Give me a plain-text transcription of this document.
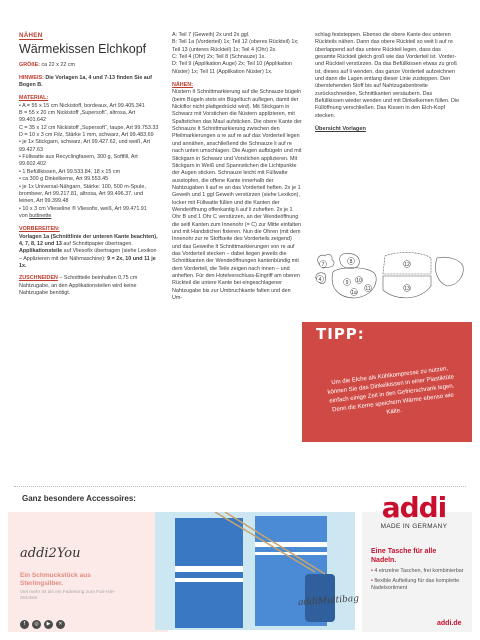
NÄHEN
Wärmekissen Elchkopf
GRÖßE: ca 22 x 22 cm
HINWEIS: Die Vorlagen 1a, 4 und 7-13 finden Sie auf Bogen B.
MATERIAL:

• A = 55 x 15 cm Nickistoff, bordeaux, Art 99.405.341

B = 55 x 20 cm Nickistoff „Supersoft“, altrosa, Art 99.401.642

C = 35 x 12 cm Nickistoff „Supersoft“, taupe, Art 99.753.33

D = 10 x 3 cm Filz, Stärke 1 mm, schwarz, Art 99.483.69

• je 1x Stickgarn, schwarz, Art 99.427.62, und weiß, Art 99.427.63

• Füllwatte aus Recyclingfasern, 300 g, Softfill, Art 99.602.402

• 1 Befüllkissen, Art 99.533.84, 18 x 15 cm

• ca 300 g Dinkelkerne, Art 99.553.45

• je 1x Universal-Nähgarn, Stärke: 100, 500 m-Spule, brombeer, Art 99.217.81, altrosa, Art 99.496.37, und leinen, Art 99.399.48

• 10 x 3 cm Vlieseline ® Vliesofix, weiß, Art 99.471.91

von buttinette

VORBEREITEN:
Vorlagen 1a (Schnittlinie der unteren Kante beachten), 4, 7, 8, 12 und 13 auf Schnittpapier übertragen.
Applikationsteile auf Vliesofix übertragen (siehe Lexikon – Applizieren mit der Nähmaschine): 9 = 2x, 10 und 11 je 1x.
ZUSCHNEIDEN – Schnittteile beinhalten 0,75 cm Nahtzugabe, an den Applikationsteilen wird keine Nahtzugabe benötigt.

A: Teil 7 (Geweih) 2x und 2x ggl.

B: Teil 1a (Vorderteil) 1x; Teil 12 (oberes Rückteil) 1x; Teil 13 (unteres Rückteil) 1x; Teil 4 (Ohr) 2x.

C: Teil 4 (Ohr) 2x; Teil 8 (Schnauze) 1x.

D: Teil 9 (Applikation Auge) 2x; Teil 10 (Applikation Nüster) 1x; Teil 11 (Applikation Nüster) 1x.

NÄHEN:

Nüstern It Schnittmarkierung auf die Schnauze bügeln (beim Bügeln stets ein Bügeltuch auflegen, damit der Nickiflor nicht plattgedrückt wird). Mit Stickgarn in Schwarz mit Vorstichen die Nüstern applizieren, mit Spaltstichen das Maul aufsticken. Die obere Kante der Schnauze It Schnittmarkierung zwischen den Pfeilmarkierungen a re auf re auf das Vorderteil legen und annähen, anschließend die Schnauze li auf re nach unten umschlagen. Die Augen aufbügeln und mit Stickgarn in Schwarz und Vorstichen applizieren. Mit Stickgarn in Weiß und Spannstichen die Lichtpunkte der Augen sticken. Schnauze leicht mit Füllwatte ausstopfen, die offene Kante innerhalb der Nahtzugaben li auf re an das Vorderteil heften. 2x je 1 Geweih und 1 ggl Geweih verstürzen (siehe Lexikon), locker mit Füllwatte füllen und die Kanten der Wendeöffnung offenkantig li auf li zuheften. 2x je 1 Ohr B und 1 Ohr C verstürzen, an der Wendeöffnung die seitl Kanten zum Innenohr (= C) zur Mitte einfalten und mit Handstichen fixieren. Nun die Ohren (mit dem Innenohr zur re Stoffseite des Vorderteils zeigend) und das Geweihe lt Schnittmarkierungen von re auf das Vorderteil stecken – dabei liegen jeweils die Schnittkanten der Wendeöffnungen kantenbündig mit dem Vorderteil, die Teile zeigen nach innen – und anheften. Für den Hotelverschluss-Eingriff am oberen Rückteil die untere Kante bei eingeschlagener Nahtzugabe bis zur Umbruchkante falten und den Um-

schlag feststeppen. Ebenso die obere Kante des unteren Rückteils nähen. Dann das obere Rückteil so weit li auf re überlappend auf das untere Rückteil legen, dass das gesamte Rückteil gleich groß wie das Vorderteil ist. Vorder- und Rückteil verstürzen. Da das Befüllkissen etwas zu groß ist, dieses auf li wenden, das ganze Vorderteil aufzeichnen und dann die Lagen entlang dieser Linie zusteppen. Den überstehenden Stoff bis auf Nahtzugabenbreite zurückschneiden, Schnittkanten versäubern. Das Befüllkissen wieder wenden und mit Dinkelkernen füllen. Die Füllöffnung verschließen. Das Kissen in den Elch-Kopf stecken.

Übersicht Vorlagen
7	8
9
4	10
12
1a
11	13
TIPP:
Um die Elche als Kühlkompresse zu nutzen, können Sie das Dinkelkissen in einer Plastiktüte einfach einige Zeit in den Gefrierschrank legen. Denn die Kerne speichern Wärme ebenso wie Kälte.
Ganz besondere Accessoires:
addi2You
Ein Schmuckstück aus Sterlingsilber.
Viel mehr ist als ein Fadenring zum Fair-Isle-Stricken.
f	◎	▶	✕
addiMultibag
addi
MADE IN GERMANY
Eine Tasche für alle Nadeln.
• 4 einzelne Taschen, frei kombinierbar
• flexible Aufteilung für das komplette Nadelsortiment
addi.de
